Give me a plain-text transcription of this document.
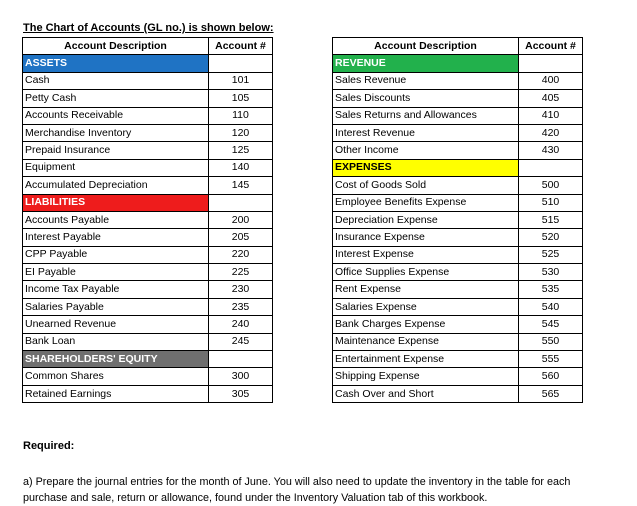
The Chart of Accounts (GL no.) is shown below:
Account Description	Account #
ASSETS	
Cash	101
Petty Cash	105
Accounts Receivable	110
Merchandise Inventory	120
Prepaid Insurance	125
Equipment	140
Accumulated Depreciation	145
LIABILITIES	
Accounts Payable	200
Interest Payable	205
CPP Payable	220
EI Payable	225
Income Tax Payable	230
Salaries Payable	235
Unearned Revenue	240
Bank Loan	245
SHAREHOLDERS' EQUITY	
Common Shares	300
Retained Earnings	305
Account Description	Account #
REVENUE	
Sales Revenue	400
Sales Discounts	405
Sales Returns and Allowances	410
Interest Revenue	420
Other Income	430
EXPENSES	
Cost of Goods Sold	500
Employee Benefits Expense	510
Depreciation Expense	515
Insurance Expense	520
Interest Expense	525
Office Supplies Expense	530
Rent Expense	535
Salaries Expense	540
Bank Charges Expense	545
Maintenance Expense	550
Entertainment Expense	555
Shipping Expense	560
Cash Over and Short	565
Required:
a) Prepare the journal entries for the month of June. You will also need to update the inventory in the table for each purchase and sale, return or allowance, found under the Inventory Valuation tab of this workbook.
